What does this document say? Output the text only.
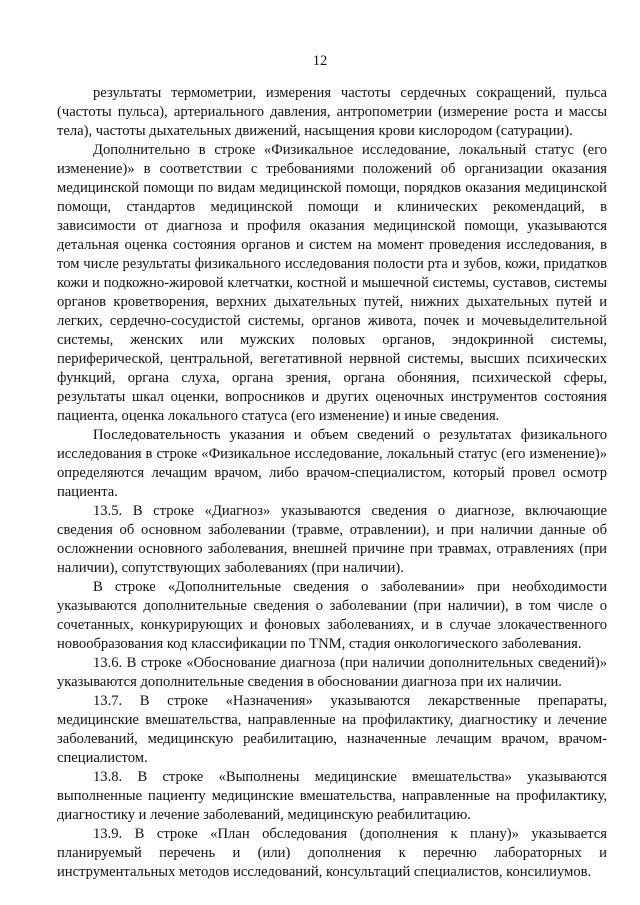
12

результаты термометрии, измерения частоты сердечных сокращений, пульса (частоты пульса), артериального давления, антропометрии (измерение роста и массы тела), частоты дыхательных движений, насыщения крови кислородом (сатурации).

Дополнительно в строке «Физикальное исследование, локальный статус (его изменение)» в соответствии с требованиями положений об организации оказания медицинской помощи по видам медицинской помощи, порядков оказания медицинской помощи, стандартов медицинской помощи и клинических рекомендаций, в зависимости от диагноза и профиля оказания медицинской помощи, указываются детальная оценка состояния органов и систем на момент проведения исследования, в том числе результаты физикального исследования полости рта и зубов, кожи, придатков кожи и подкожно-жировой клетчатки, костной и мышечной системы, суставов, системы органов кроветворения, верхних дыхательных путей, нижних дыхательных путей и легких, сердечно-сосудистой системы, органов живота, почек и мочевыделительной системы, женских или мужских половых органов, эндокринной системы, периферической, центральной, вегетативной нервной системы, высших психических функций, органа слуха, органа зрения, органа обоняния, психической сферы, результаты шкал оценки, вопросников и других оценочных инструментов состояния пациента, оценка локального статуса (его изменение) и иные сведения.

Последовательность указания и объем сведений о результатах физикального исследования в строке «Физикальное исследование, локальный статус (его изменение)» определяются лечащим врачом, либо врачом-специалистом, который провел осмотр пациента.

13.5. В строке «Диагноз» указываются сведения о диагнозе, включающие сведения об основном заболевании (травме, отравлении), и при наличии данные об осложнении основного заболевания, внешней причине при травмах, отравлениях (при наличии), сопутствующих заболеваниях (при наличии).

В строке «Дополнительные сведения о заболевании» при необходимости указываются дополнительные сведения о заболевании (при наличии), в том числе о сочетанных, конкурирующих и фоновых заболеваниях, и в случае злокачественного новообразования код классификации по TNM, стадия онкологического заболевания.

13.6. В строке «Обоснование диагноза (при наличии дополнительных сведений)» указываются дополнительные сведения в обосновании диагноза при их наличии.

13.7. В строке «Назначения» указываются лекарственные препараты, медицинские вмешательства, направленные на профилактику, диагностику и лечение заболеваний, медицинскую реабилитацию, назначенные лечащим врачом, врачом-специалистом.

13.8. В строке «Выполнены медицинские вмешательства» указываются выполненные пациенту медицинские вмешательства, направленные на профилактику, диагностику и лечение заболеваний, медицинскую реабилитацию.

13.9. В строке «План обследования (дополнения к плану)» указывается планируемый перечень и (или) дополнения к перечню лабораторных и инструментальных методов исследований, консультаций специалистов, консилиумов.
